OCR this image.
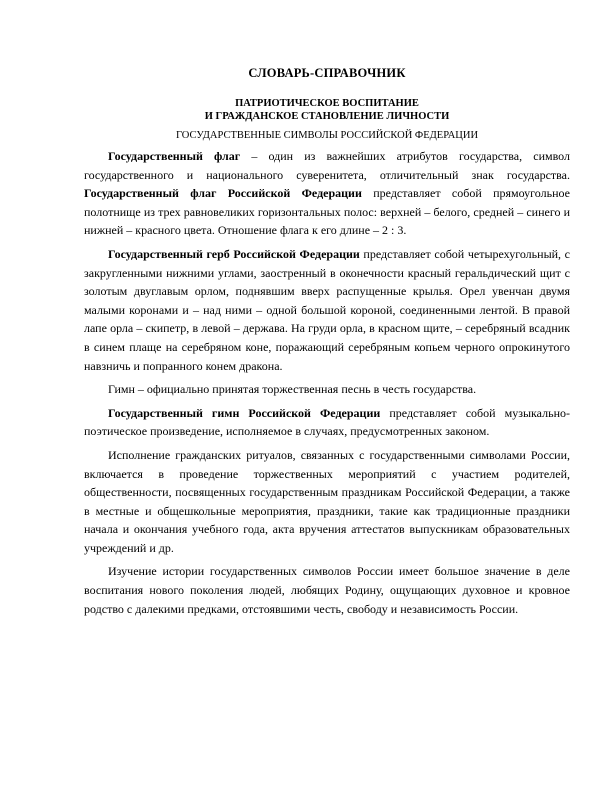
СЛОВАРЬ-СПРАВОЧНИК

ПАТРИОТИЧЕСКОЕ ВОСПИТАНИЕ

И ГРАЖДАНСКОЕ СТАНОВЛЕНИЕ ЛИЧНОСТИ

ГОСУДАРСТВЕННЫЕ СИМВОЛЫ РОССИЙСКОЙ ФЕДЕРАЦИИ

Государственный флаг – один из важнейших атрибутов государства, символ государственного и национального суверенитета, отличительный знак государства. Государственный флаг Российской Федерации представляет собой прямоугольное полотнище из трех равновеликих горизонтальных полос: верхней – белого, средней – синего и нижней – красного цвета. Отношение флага к его длине – 2 : 3.

Государственный герб Российской Федерации представляет собой четырехугольный, с закругленными нижними углами, заостренный в оконечности красный геральдический щит с золотым двуглавым орлом, поднявшим вверх распущенные крылья. Орел увенчан двумя малыми коронами и – над ними – одной большой короной, соединенными лентой. В правой лапе орла – скипетр, в левой – держава. На груди орла, в красном щите, – серебряный всадник в синем плаще на серебряном коне, поражающий серебряным копьем черного опрокинутого навзничь и попранного конем дракона.

Гимн – официально принятая торжественная песнь в честь государства.

Государственный гимн Российской Федерации представляет собой музыкально-поэтическое произведение, исполняемое в случаях, предусмотренных законом.

Исполнение гражданских ритуалов, связанных с государственными символами России, включается в проведение торжественных мероприятий с участием родителей, общественности, посвященных государственным праздникам Российской Федерации, а также в местные и общешкольные мероприятия, праздники, такие как традиционные праздники начала и окончания учебного года, акта вручения аттестатов выпускникам образовательных учреждений и др.

Изучение истории государственных символов России имеет большое значение в деле воспитания нового поколения людей, любящих Родину, ощущающих духовное и кровное родство с далекими предками, отстоявшими честь, свободу и независимость России.
